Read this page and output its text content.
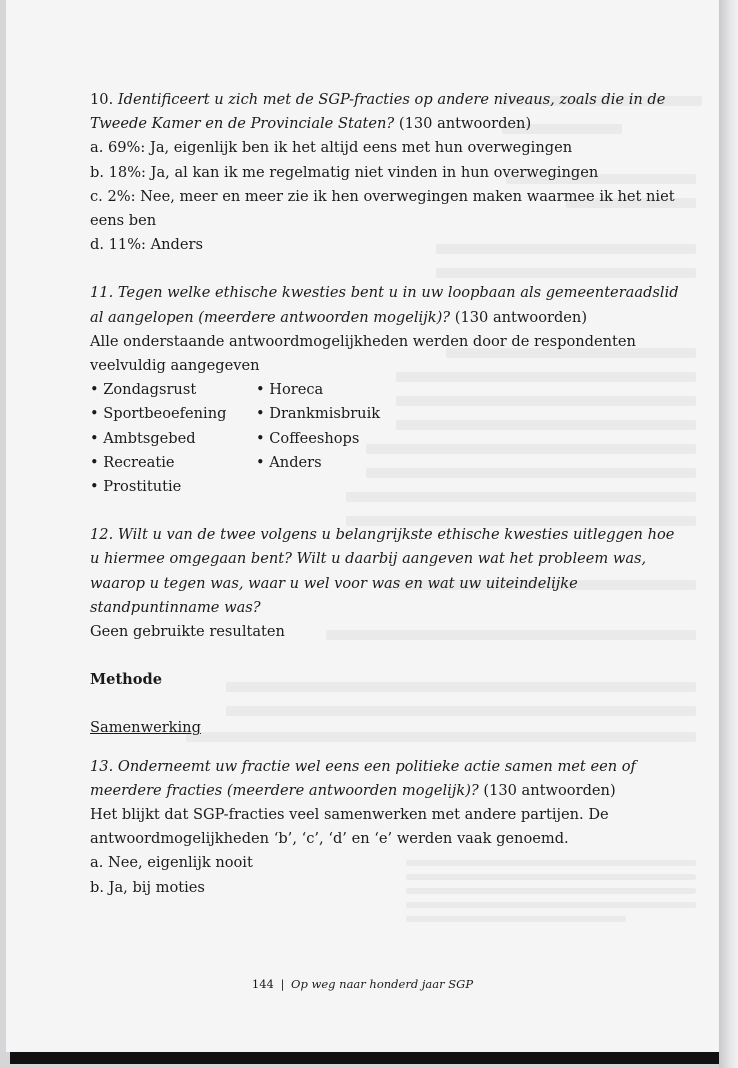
10. Identificeert u zich met de SGP-fracties op andere niveaus, zoals die in de Tweede Kamer en de Provinciale Staten? (130 antwoorden)

a. 69%: Ja, eigenlijk ben ik het altijd eens met hun overwegingen

b. 18%: Ja, al kan ik me regelmatig niet vinden in hun overwegingen

c. 2%: Nee, meer en meer zie ik hen overwegingen maken waarmee ik het niet eens ben

d. 11%: Anders

11. Tegen welke ethische kwesties bent u in uw loopbaan als gemeenteraadslid al aangelopen (meerdere antwoorden mogelijk)? (130 antwoorden)

Alle onderstaande antwoordmogelijkheden werden door de respondenten veelvuldig aangegeven

• Zondagsrust	• Horeca
• Sportbeoefening	• Drankmisbruik
• Ambtsgebed	• Coffeeshops
• Recreatie	• Anders
• Prostitutie

12. Wilt u van de twee volgens u belangrijkste ethische kwesties uitleggen hoe u hiermee omgegaan bent? Wilt u daarbij aangeven wat het probleem was, waarop u tegen was, waar u wel voor was en wat uw uiteindelijke standpuntinname was?

Geen gebruikte resultaten

Methode

Samenwerking

13. Onderneemt uw fractie wel eens een politieke actie samen met een of meerdere fracties (meerdere antwoorden mogelijk)? (130 antwoorden)

Het blijkt dat SGP-fracties veel samenwerken met andere partijen. De antwoordmogelijkheden ‘b’, ‘c’, ‘d’ en ‘e’ werden vaak genoemd.

a. Nee, eigenlijk nooit

b. Ja, bij moties

144 | Op weg naar honderd jaar SGP
